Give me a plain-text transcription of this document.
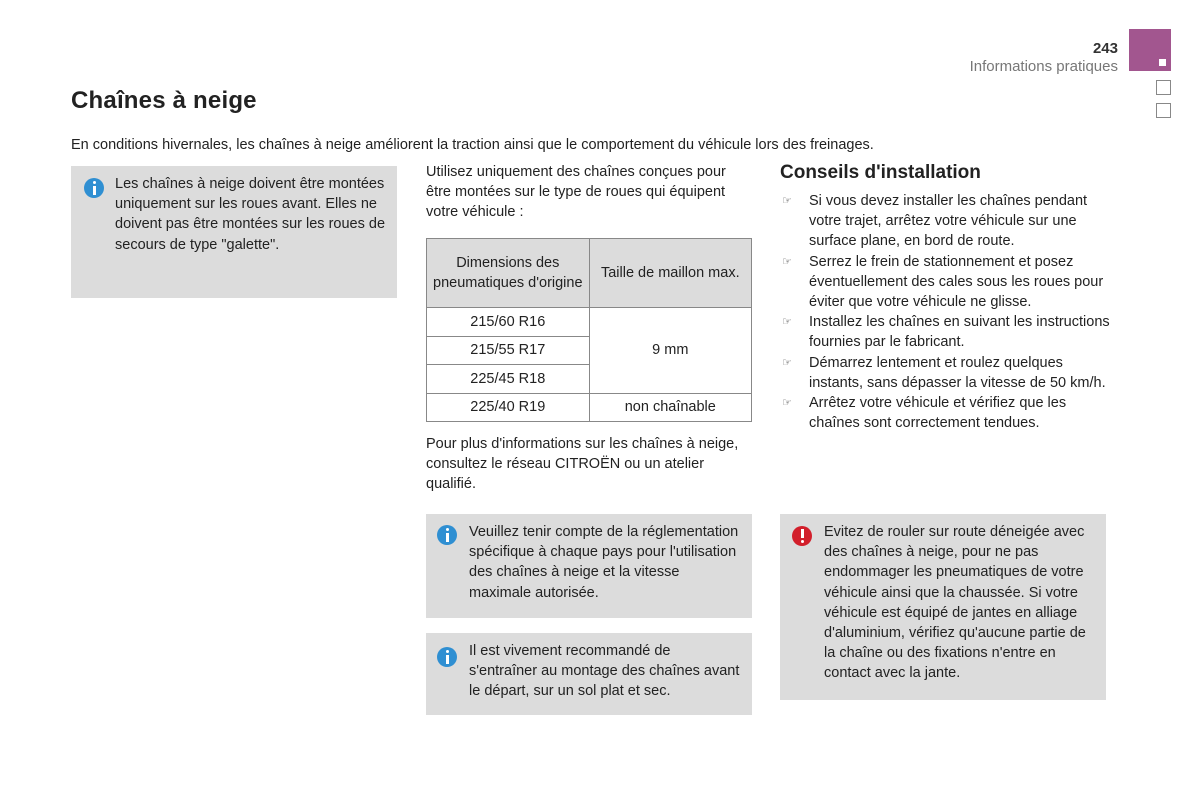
243
Informations pratiques
Chaînes à neige

En conditions hivernales, les chaînes à neige améliorent la traction ainsi que le comportement du véhicule lors des freinages.

Les chaînes à neige doivent être montées uniquement sur les roues avant. Elles ne doivent pas être montées sur les roues de secours de type "galette".

Utilisez uniquement des chaînes conçues pour être montées sur le type de roues qui équipent votre véhicule :

Dimensions des pneumatiques d'origine	Taille de maillon max.
215/60 R16	9 mm
215/55 R17	
225/45 R18	
225/40 R19	non chaînable

Pour plus d'informations sur les chaînes à neige, consultez le réseau CITROËN ou un atelier qualifié.

Veuillez tenir compte de la réglementation spécifique à chaque pays pour l'utilisation des chaînes à neige et la vitesse maximale autorisée.
Il est vivement recommandé de s'entraîner au montage des chaînes avant le départ, sur un sol plat et sec.
Conseils d'installation
☞ Si vous devez installer les chaînes pendant votre trajet, arrêtez votre véhicule sur une surface plane, en bord de route.
☞ Serrez le frein de stationnement et posez éventuellement des cales sous les roues pour éviter que votre véhicule ne glisse.
☞ Installez les chaînes en suivant les instructions fournies par le fabricant.
☞ Démarrez lentement et roulez quelques instants, sans dépasser la vitesse de 50 km/h.
☞ Arrêtez votre véhicule et vérifiez que les chaînes sont correctement tendues.
Evitez de rouler sur route déneigée avec des chaînes à neige, pour ne pas endommager les pneumatiques de votre véhicule ainsi que la chaussée. Si votre véhicule est équipé de jantes en alliage d'aluminium, vérifiez qu'aucune partie de la chaîne ou des fixations n'entre en contact avec la jante.
